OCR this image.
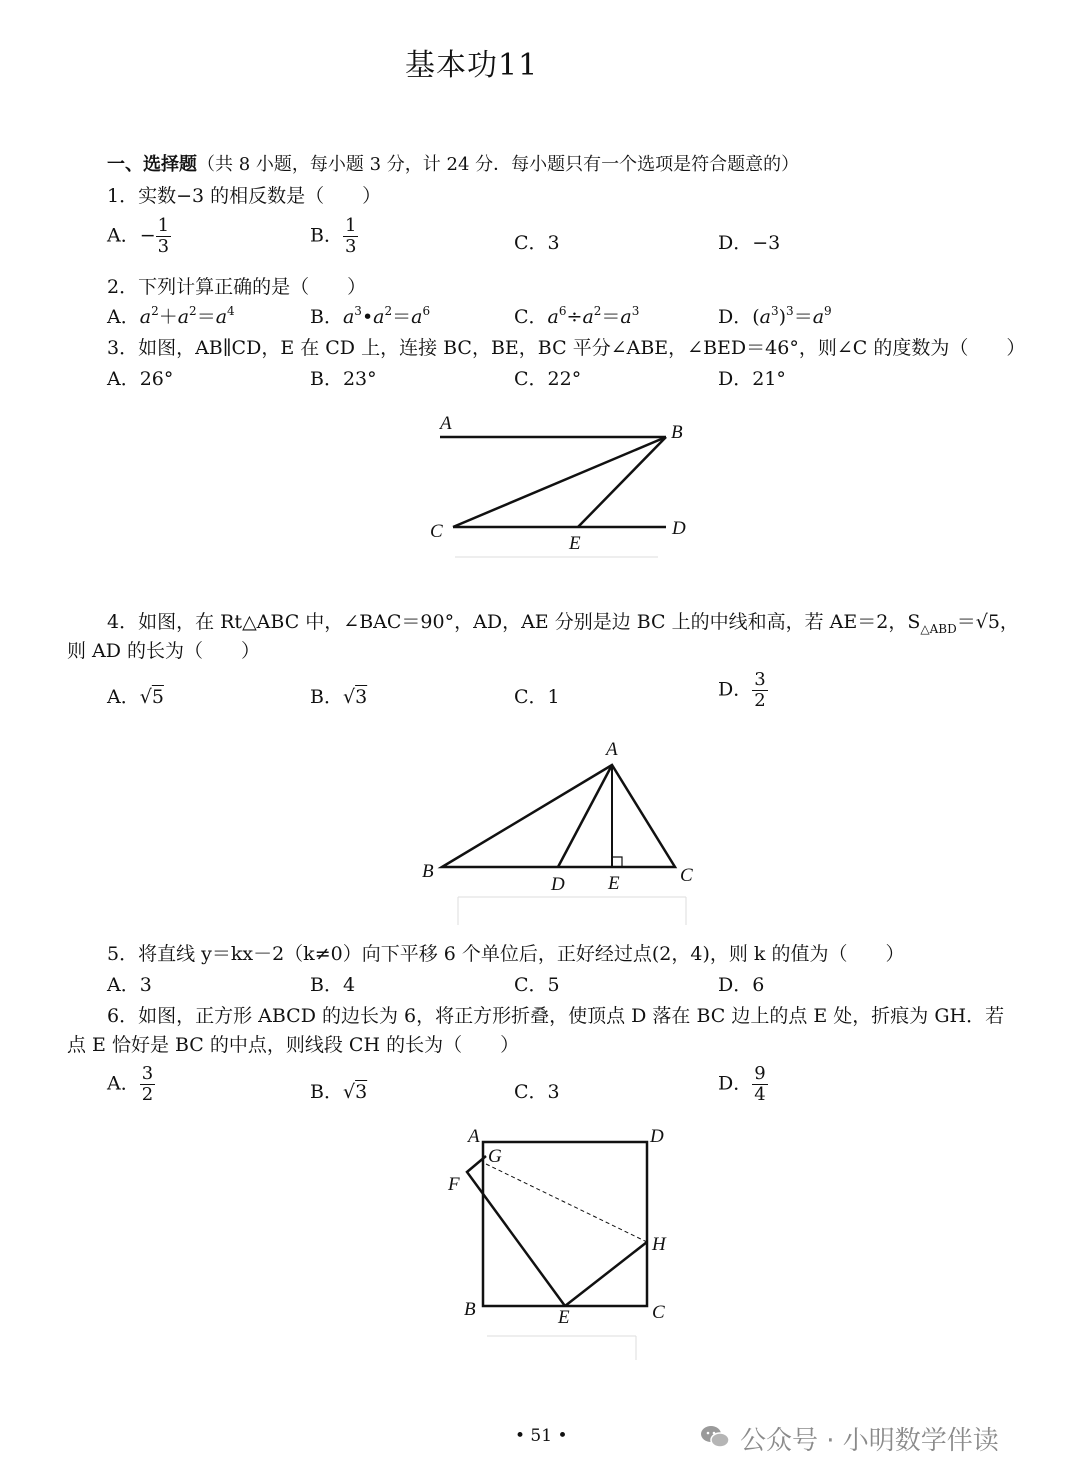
基本功11
一、选择题（共 8 小题，每小题 3 分，计 24 分．每小题只有一个选项是符合题意的）
1．实数−3 的相反数是（　　）
A．− $\frac{1}{3}$	B． $\frac{1}{3}$	C．3	D．−3
2．下列计算正确的是（　　）
A．$a^2+a^2=a^4$	B．$a^3•a^2=a^6$	C．$a^6\div a^2=a^3$	D．$(a^3)^3=a^9$
3．如图，AB∥CD，E 在 CD 上，连接 BC，BE，BC 平分∠ABE，∠BED＝46°，则∠C 的度数为（　　）
A．26°	B．23°	C．22°	D．21°
A	B
C	D
E
4．如图，在 Rt△ABC 中，∠BAC＝90°，AD，AE 分别是边 BC 上的中线和高，若 AE＝2，$S_{\triangle ABD}=√5$，
则 AD 的长为（　　）
A．√5	B．√3	C．1	D． $\frac{3}{2}$
A
B	C
D E
5．将直线 y＝kx－2（k≠0）向下平移 6 个单位后，正好经过点(2，4)，则 k 的值为（　　）
A．3	B．4	C．5	D．6
6．如图，正方形 ABCD 的边长为 6，将正方形折叠，使顶点 D 落在 BC 边上的点 E 处，折痕为 GH．若
点 E 恰好是 BC 的中点，则线段 CH 的长为（　　）
A． $\frac{3}{2}$	B．√3	C．3	D． $\frac{9}{4}$
A	D
G
F
H
B	E	C
• 51 •	公众号 · 小明数学伴读
